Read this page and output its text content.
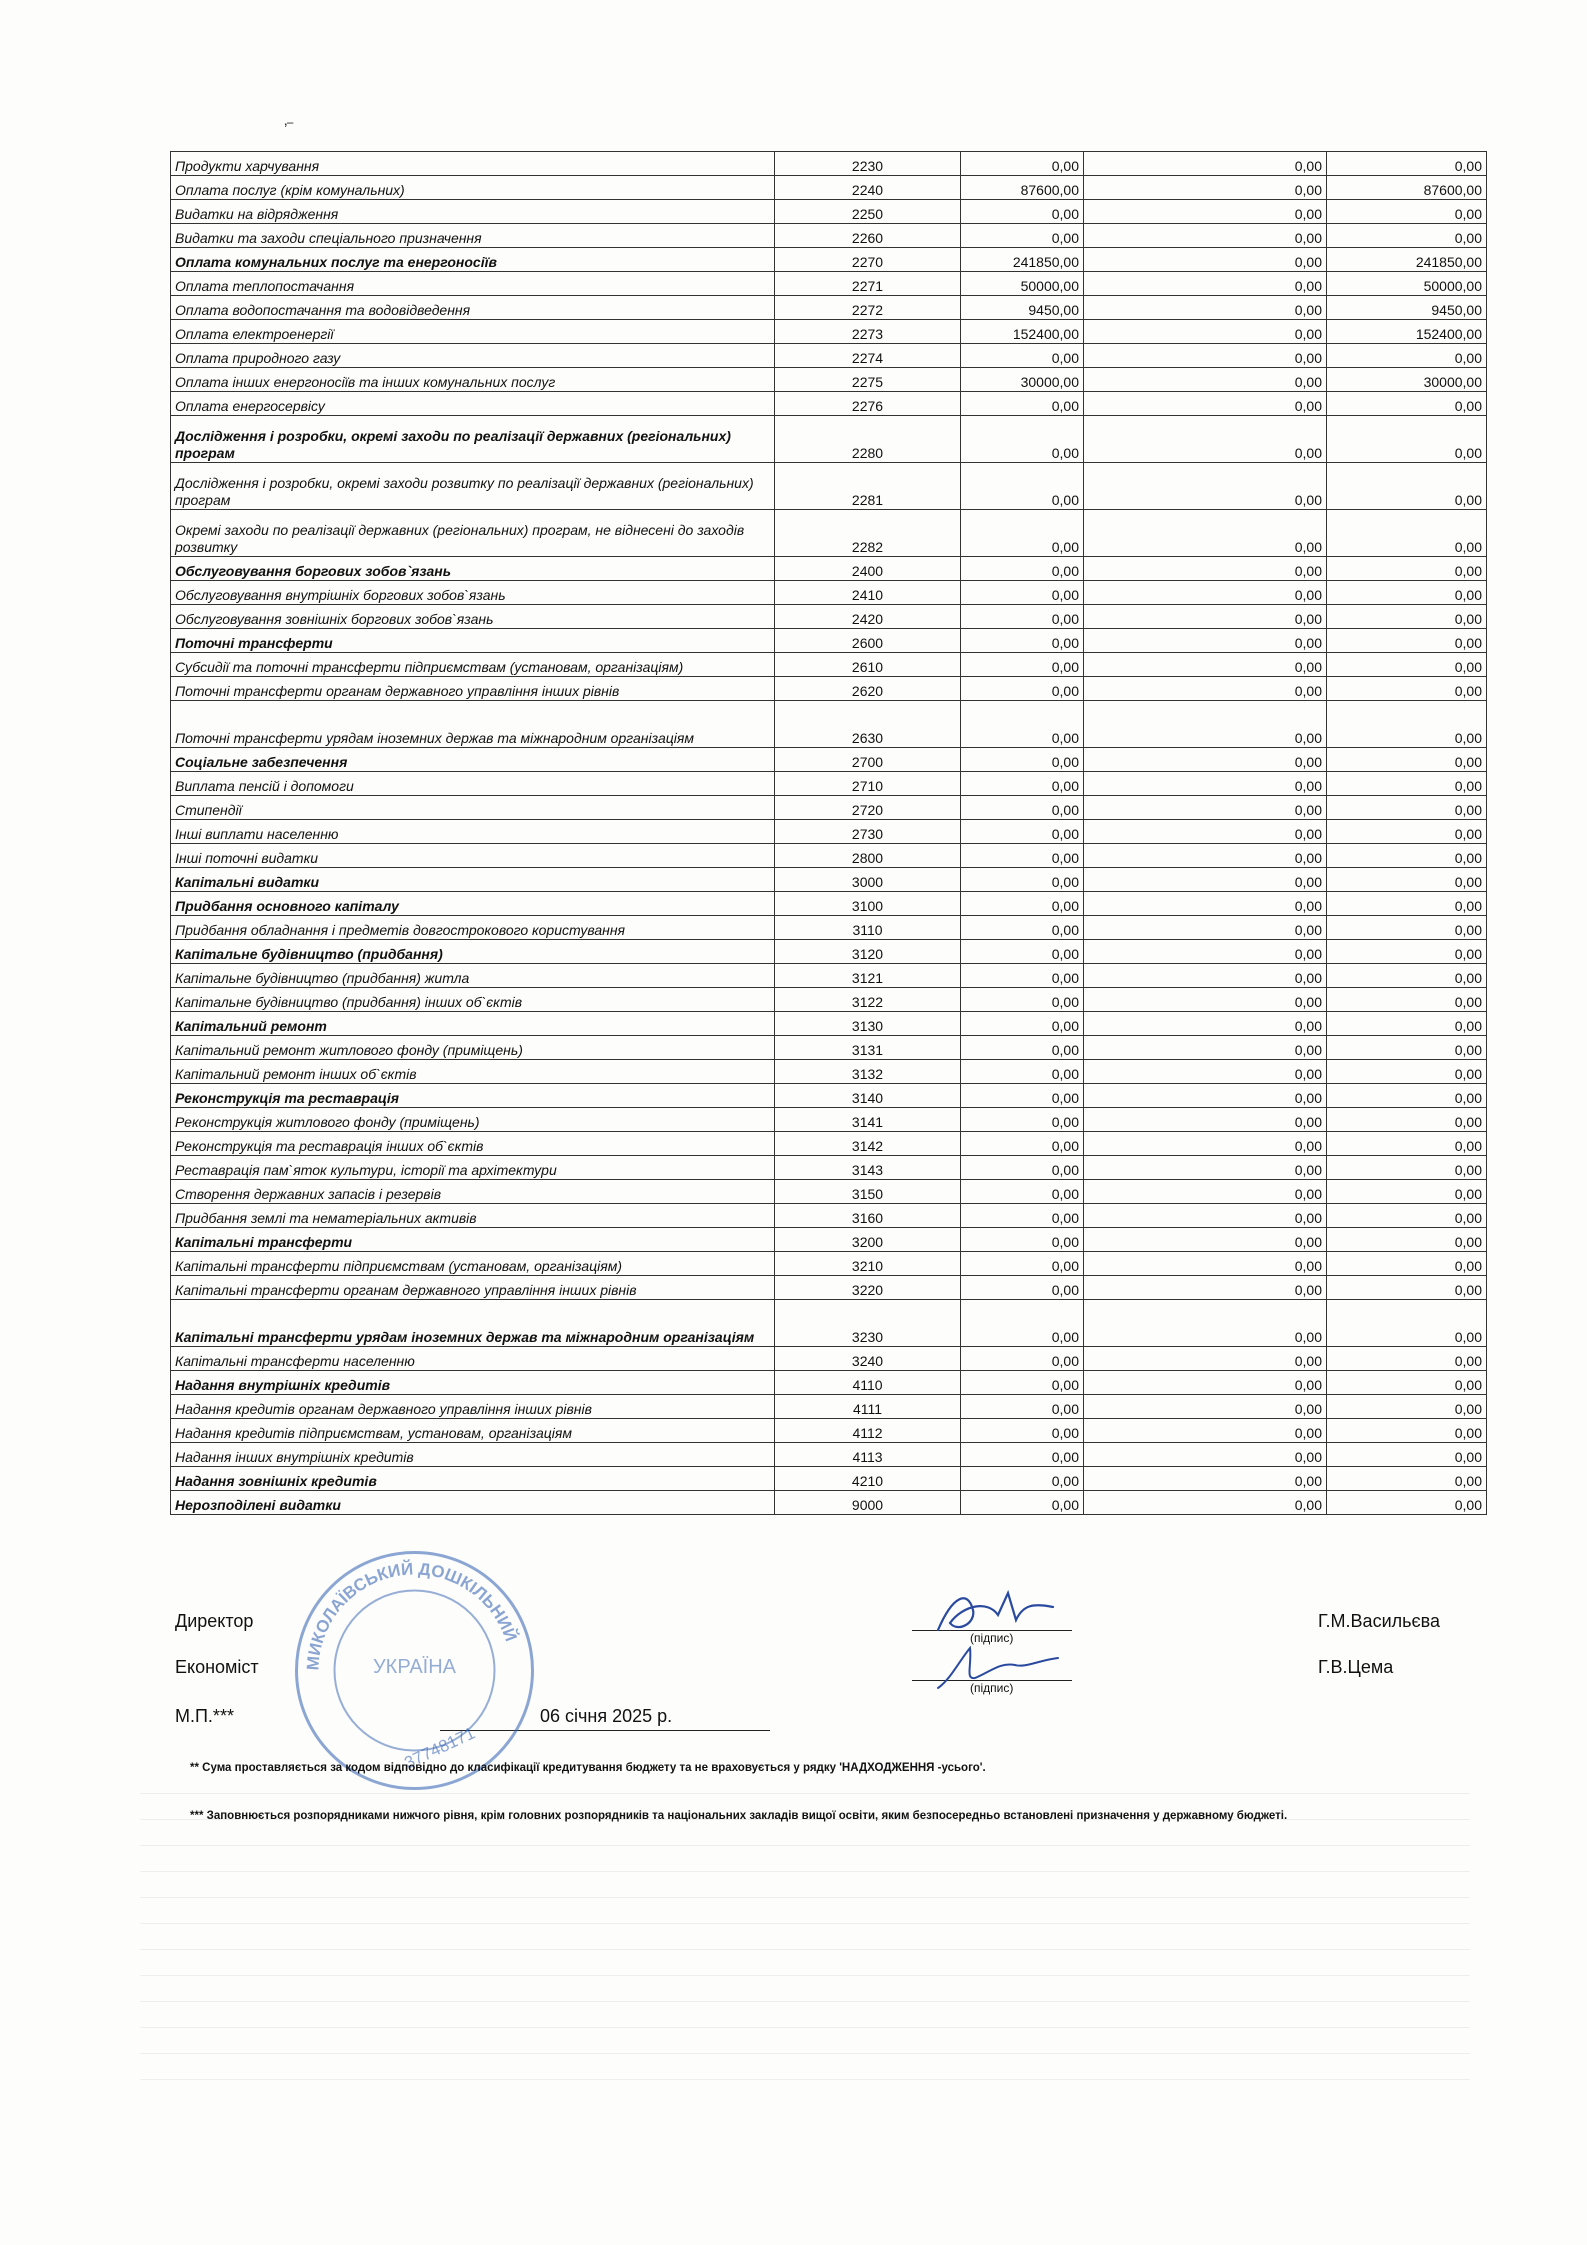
ʼ‾
Продукти харчування	2230	0,00	0,00	0,00
Оплата послуг (крім комунальних)	2240	87600,00	0,00	87600,00
Видатки на відрядження	2250	0,00	0,00	0,00
Видатки та заходи спеціального призначення	2260	0,00	0,00	0,00
Оплата комунальних послуг та енергоносіїв	2270	241850,00	0,00	241850,00
Оплата теплопостачання	2271	50000,00	0,00	50000,00
Оплата водопостачання та водовідведення	2272	9450,00	0,00	9450,00
Оплата електроенергії	2273	152400,00	0,00	152400,00
Оплата природного газу	2274	0,00	0,00	0,00
Оплата інших енергоносіїв та інших комунальних послуг	2275	30000,00	0,00	30000,00
Оплата енергосервісу	2276	0,00	0,00	0,00
Дослідження і розробки, окремі заходи по реалізації державних (регіональних) програм	2280	0,00	0,00	0,00
Дослідження і розробки, окремі заходи розвитку по реалізації державних (регіональних) програм	2281	0,00	0,00	0,00
Окремі заходи по реалізації державних (регіональних) програм, не віднесені до заходів розвитку	2282	0,00	0,00	0,00
Обслуговування боргових зобов`язань	2400	0,00	0,00	0,00
Обслуговування внутрішніх боргових зобов`язань	2410	0,00	0,00	0,00
Обслуговування зовнішніх боргових зобов`язань	2420	0,00	0,00	0,00
Поточні трансферти	2600	0,00	0,00	0,00
Субсидії та поточні трансферти підприємствам (установам, організаціям)	2610	0,00	0,00	0,00
Поточні трансферти органам державного управління інших рівнів	2620	0,00	0,00	0,00
Поточні трансферти урядам іноземних держав та міжнародним організаціям	2630	0,00	0,00	0,00
Соціальне забезпечення	2700	0,00	0,00	0,00
Виплата пенсій і допомоги	2710	0,00	0,00	0,00
Стипендії	2720	0,00	0,00	0,00
Інші виплати населенню	2730	0,00	0,00	0,00
Інші поточні видатки	2800	0,00	0,00	0,00
Капітальні видатки	3000	0,00	0,00	0,00
Придбання основного капіталу	3100	0,00	0,00	0,00
Придбання обладнання і предметів довгострокового користування	3110	0,00	0,00	0,00
Капітальне будівництво (придбання)	3120	0,00	0,00	0,00
Капітальне будівництво (придбання) житла	3121	0,00	0,00	0,00
Капітальне будівництво (придбання) інших об`єктів	3122	0,00	0,00	0,00
Капітальний ремонт	3130	0,00	0,00	0,00
Капітальний ремонт житлового фонду (приміщень)	3131	0,00	0,00	0,00
Капітальний ремонт інших об`єктів	3132	0,00	0,00	0,00
Реконструкція та реставрація	3140	0,00	0,00	0,00
Реконструкція житлового фонду (приміщень)	3141	0,00	0,00	0,00
Реконструкція та реставрація інших об`єктів	3142	0,00	0,00	0,00
Реставрація пам`яток культури, історії та архітектури	3143	0,00	0,00	0,00
Створення державних запасів і резервів	3150	0,00	0,00	0,00
Придбання землі та нематеріальних активів	3160	0,00	0,00	0,00
Капітальні трансферти	3200	0,00	0,00	0,00
Капітальні трансферти підприємствам (установам, організаціям)	3210	0,00	0,00	0,00
Капітальні трансферти органам державного управління інших рівнів	3220	0,00	0,00	0,00
Капітальні трансферти урядам іноземних держав та міжнародним організаціям	3230	0,00	0,00	0,00
Капітальні трансферти населенню	3240	0,00	0,00	0,00
Надання внутрішніх кредитів	4110	0,00	0,00	0,00
Надання кредитів органам державного управління інших рівнів	4111	0,00	0,00	0,00
Надання кредитів підприємствам, установам, організаціям	4112	0,00	0,00	0,00
Надання інших внутрішніх кредитів	4113	0,00	0,00	0,00
Надання зовнішніх кредитів	4210	0,00	0,00	0,00
Нерозподілені видатки	9000	0,00	0,00	0,00
Директор
(підпис)
Г.М.Васильєва
Економіст
(підпис)
Г.В.Цема
М.П.***	06 січня 2025 р.
МИКОЛАЇВСЬКИЙ ДОШКІЛЬНИЙ
УКРАЇНА
37748171
** Сума проставляється за кодом відповідно до класифікації кредитування бюджету та не враховується у рядку 'НАДХОДЖЕННЯ -усього'.
*** Заповнюється розпорядниками нижчого рівня, крім головних розпорядників та національних закладів вищої освіти, яким безпосередньо встановлені призначення у державному бюджеті.
